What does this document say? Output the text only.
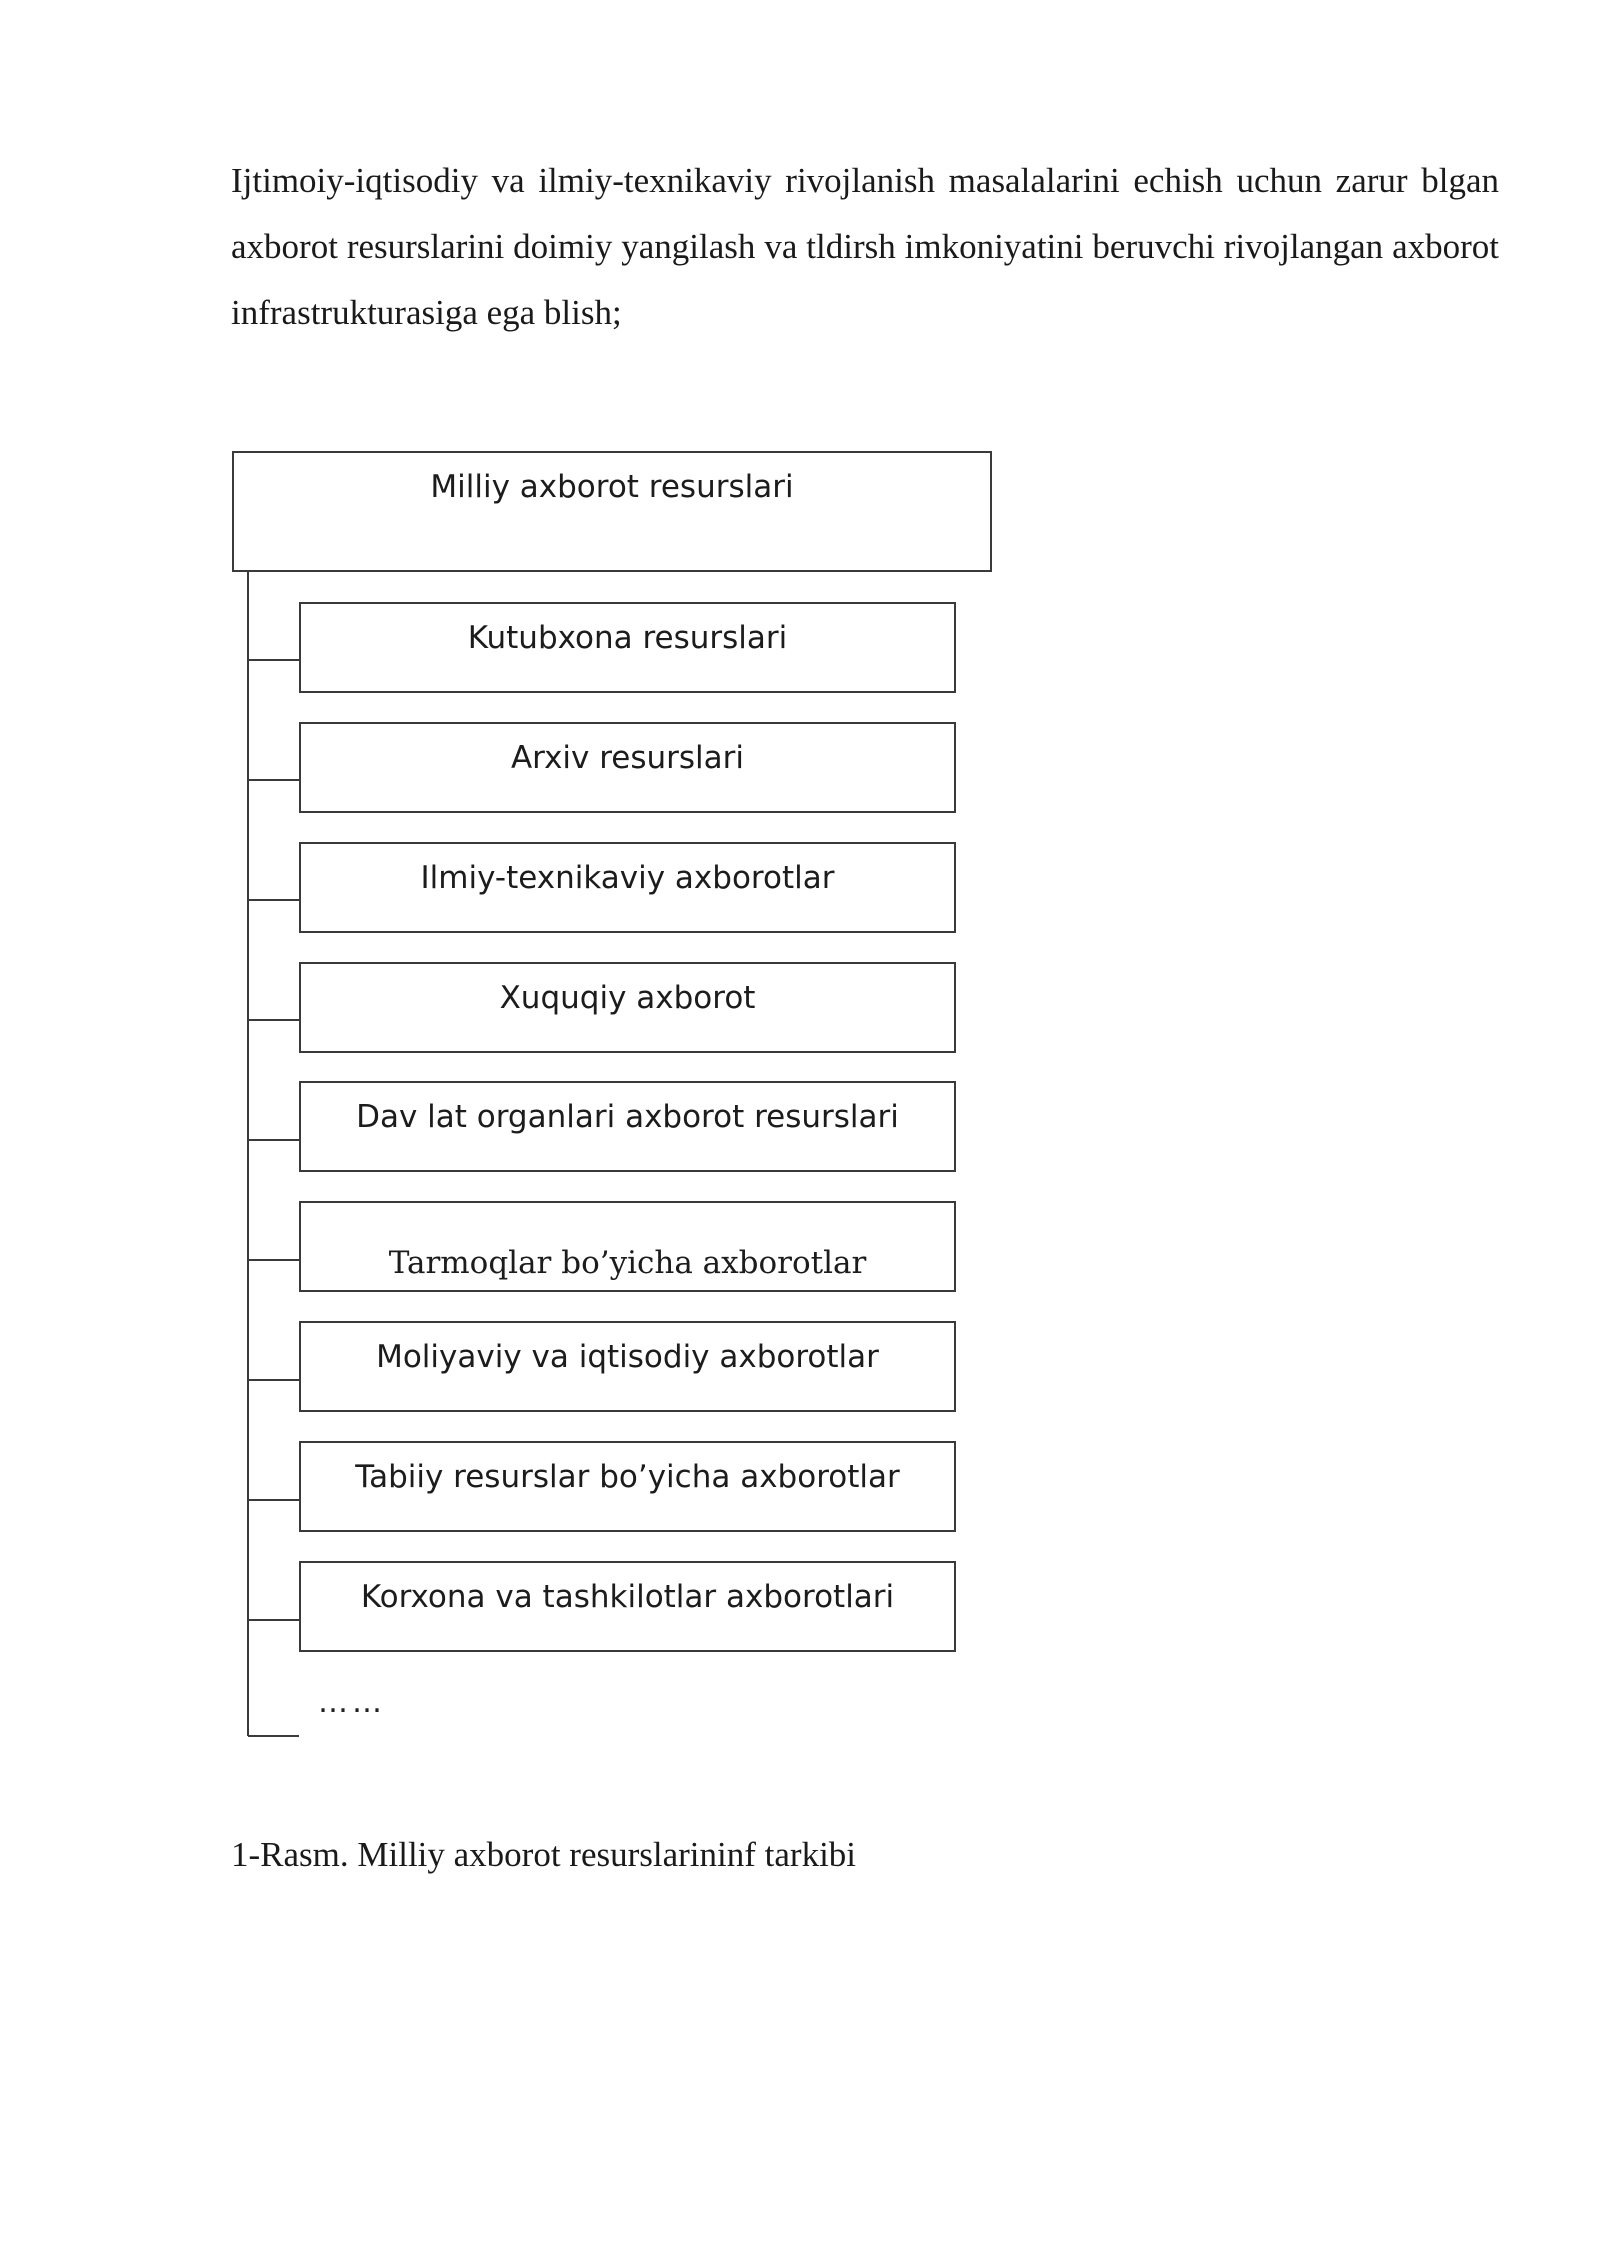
Ijtimoiy-iqtisodiy va ilmiy-texnikaviy rivojlanish masalalarini echish uchun zarur blgan axborot resurslarini doimiy yangilash va tldirsh imkoniyatini beruvchi rivojlangan axborot infrastrukturasiga ega blish;

Milliy axborot resurslari
Kutubxona resurslari
Arxiv resurslari
Ilmiy-texnikaviy axborotlar
Xuquqiy axborot
Dav lat organlari axborot resurslari
Tarmoqlar bo’yicha axborotlar
Moliyaviy va iqtisodiy axborotlar
Tabiiy resurslar bo’yicha axborotlar
Korxona va tashkilotlar axborotlari
……

1-Rasm. Milliy axborot resurslarininf tarkibi
